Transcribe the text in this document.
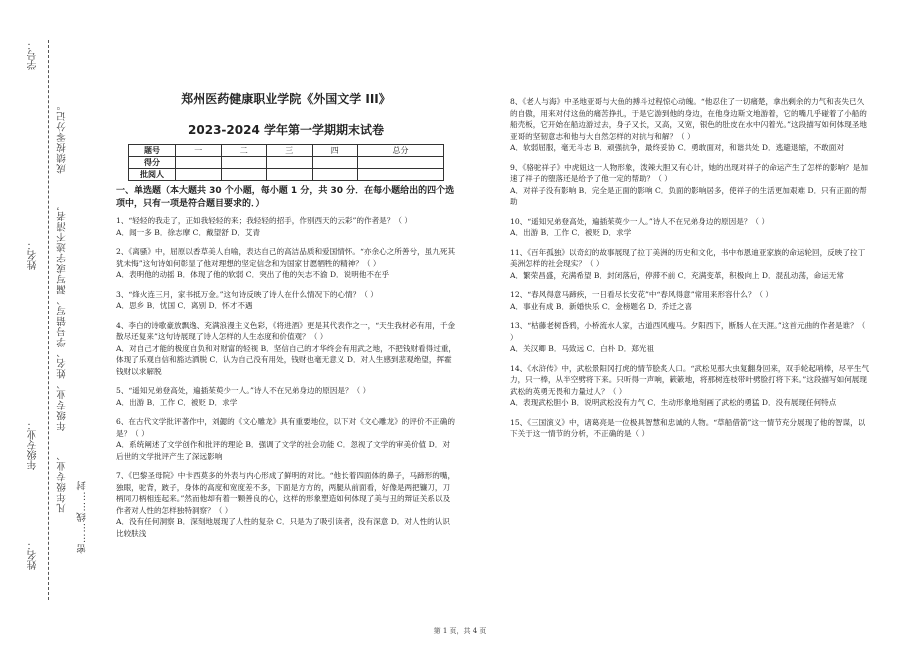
学号：
成绩按零分记。
姓名： 年级专业、姓名、学号错写、漏写或字迹不清者，
年级专业：
凡年级专业、 密……线……封
姓名：
郑州医药健康职业学院《外国文学 III》
2023-2024 学年第一学期期末试卷
题号	一	二	三	四	总分
得分					
批阅人					
一、单选题（本大题共 30 个小题，每小题 1 分，共 30 分．在每小题给出的四个选项中，只有一项是符合题目要求的．）
1、“轻轻的我走了，正如我轻轻的来；我轻轻的招手，作别西天的云彩”的作者是？（ ）
A．闻一多 B．徐志摩 C．戴望舒 D．艾青
2、《离骚》中，屈原以香草美人自喻，表达自己的高洁品质和爱国情怀。“亦余心之所善兮，虽九死其犹未悔”这句诗如何彰显了他对理想的坚定信念和为国家甘愿牺牲的精神？（ ）
A．表明他的动摇 B．体现了他的软弱 C．突出了他的矢志不渝 D．说明他不在乎
3、“烽火连三月，家书抵万金。”这句诗反映了诗人在什么情况下的心情？（ ）
A．思乡 B．忧国 C．离别 D．怀才不遇
4、李白的诗歌豪放飘逸、充满浪漫主义色彩，《将进酒》更是其代表作之一，“天生我材必有用，千金散尽还复来”这句诗展现了诗人怎样的人生态度和价值观？（ ）
A．对自己才能的极度自负和对财富的轻视 B．坚信自己的才华终会有用武之地，不把钱财看得过重，体现了乐观自信和豁达洒脱 C．认为自己没有用处，钱财也毫无意义 D．对人生感到悲观绝望，挥霍钱财以求解脱
5、“遥知兄弟登高处，遍插茱萸少一人。”诗人不在兄弟身边的原因是？（ ）
A．出游 B．工作 C．被贬 D．求学
6、在古代文学批评著作中，刘勰的《文心雕龙》具有重要地位，以下对《文心雕龙》的评价不正确的是？（ ）
A．系统阐述了文学创作和批评的理论 B．强调了文学的社会功能 C．忽视了文学的审美价值 D．对后世的文学批评产生了深远影响
7、《巴黎圣母院》中卡西莫多的外表与内心形成了鲜明的对比。“他长着四面体的鼻子，马蹄形的嘴，独眼，驼背，跛子，身体的高度和宽度差不多，下面是方方的，两腿从前面看，好像是两把镰刀，刀柄同刀柄相连起来。”然而他却有着一颗善良的心，这样的形象塑造如何体现了美与丑的辩证关系以及作者对人性的怎样独特洞察？（ ）
A．没有任何洞察 B．深刻地展现了人性的复杂 C．只是为了吸引读者，没有深意 D．对人性的认识比较肤浅
8、《老人与海》中圣地亚哥与大鱼的搏斗过程惊心动魄。“他忍住了一切痛楚，拿出剩余的力气和丧失已久的自傲，用来对付这鱼的痛苦挣扎，于是它游到他的身边，在他身边斯文地游着，它的嘴几乎碰着了小船的船壳板，它开始在船边游过去，身子又长，又高，又宽，银色的肚皮在水中闪着光。”这段描写如何体现圣地亚哥的坚韧意志和他与大自然怎样的对抗与和解？（ ）
A．软弱屈服，毫无斗志 B．顽强抗争，最终妥协 C．勇敢面对，和谐共处 D．逃避退缩，不敢面对
9、《骆驼祥子》中虎妞这一人物形象，泼辣大胆又有心计，她的出现对祥子的命运产生了怎样的影响？是加速了祥子的堕落还是给予了他一定的帮助？（ ）
A．对祥子没有影响 B．完全是正面的影响 C．负面的影响居多，使祥子的生活更加艰难 D．只有正面的帮助
10、“遥知兄弟登高处，遍插茱萸少一人。”诗人不在兄弟身边的原因是？（ ）
A．出游 B．工作 C．被贬 D．求学
11、《百年孤独》以奇幻的故事展现了拉丁美洲的历史和文化，书中布恩迪亚家族的命运轮回，反映了拉丁美洲怎样的社会现实？（ ）
A．繁荣昌盛，充满希望 B．封闭落后，停滞不前 C．充满变革，积极向上 D．混乱动荡，命运无常
12、“春风得意马蹄疾，一日看尽长安花”中“春风得意”常用来形容什么？（ ）
A．事业有成 B．新婚快乐 C．金榜题名 D．乔迁之喜
13、“枯藤老树昏鸦，小桥流水人家，古道西风瘦马。夕阳西下，断肠人在天涯。”这首元曲的作者是谁？（ ）
A．关汉卿 B．马致远 C．白朴 D．郑光祖
14、《水浒传》中，武松景阳冈打虎的情节脍炙人口。“武松见那大虫复翻身回来，双手轮起哨棒，尽平生气力，只一棒，从半空劈将下来。只听得一声响，簌簌地，将那树连枝带叶劈脸打将下来。”这段描写如何展现武松的英勇无畏和力量过人？（ ）
A．表现武松胆小 B．说明武松没有力气 C．生动形象地刻画了武松的勇猛 D．没有展现任何特点
15、《三国演义》中，诸葛亮是一位极具智慧和忠诚的人物。“草船借箭”这一情节充分展现了他的智谋，以下关于这一情节的分析，不正确的是（ ）
第 1 页，共 4 页
